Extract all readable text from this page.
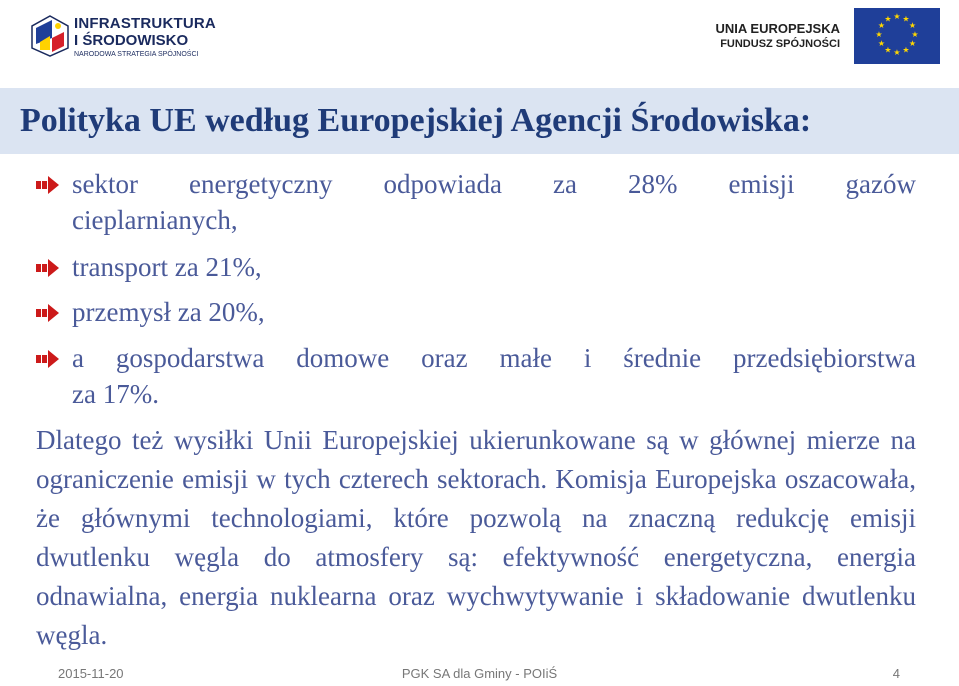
INFRASTRUKTURA
I ŚRODOWISKO
NARODOWA STRATEGIA SPÓJNOŚCI
UNIA EUROPEJSKA
FUNDUSZ SPÓJNOŚCI
★ ★
★
★
★
★
★
★
★
★
★
★
Polityka UE według Europejskiej Agencji Środowiska:
sektor energetyczny odpowiada za 28% emisji gazów
cieplarnianych,
transport za 21%,
przemysł za 20%,
a gospodarstwa domowe oraz małe i średnie przedsiębiorstwa
za 17%.

Dlatego też wysiłki Unii Europejskiej ukierunkowane są w głównej mierze na ograniczenie emisji w tych czterech sektorach. Komisja Europejska oszacowała, że głównymi technologiami, które pozwolą na znaczną redukcję emisji dwutlenku węgla do atmosfery są: efektywność energetyczna, energia odnawialna, energia nuklearna oraz wychwytywanie i składowanie dwutlenku węgla.

2015-11-20	PGK SA dla Gminy - POIiŚ	4
